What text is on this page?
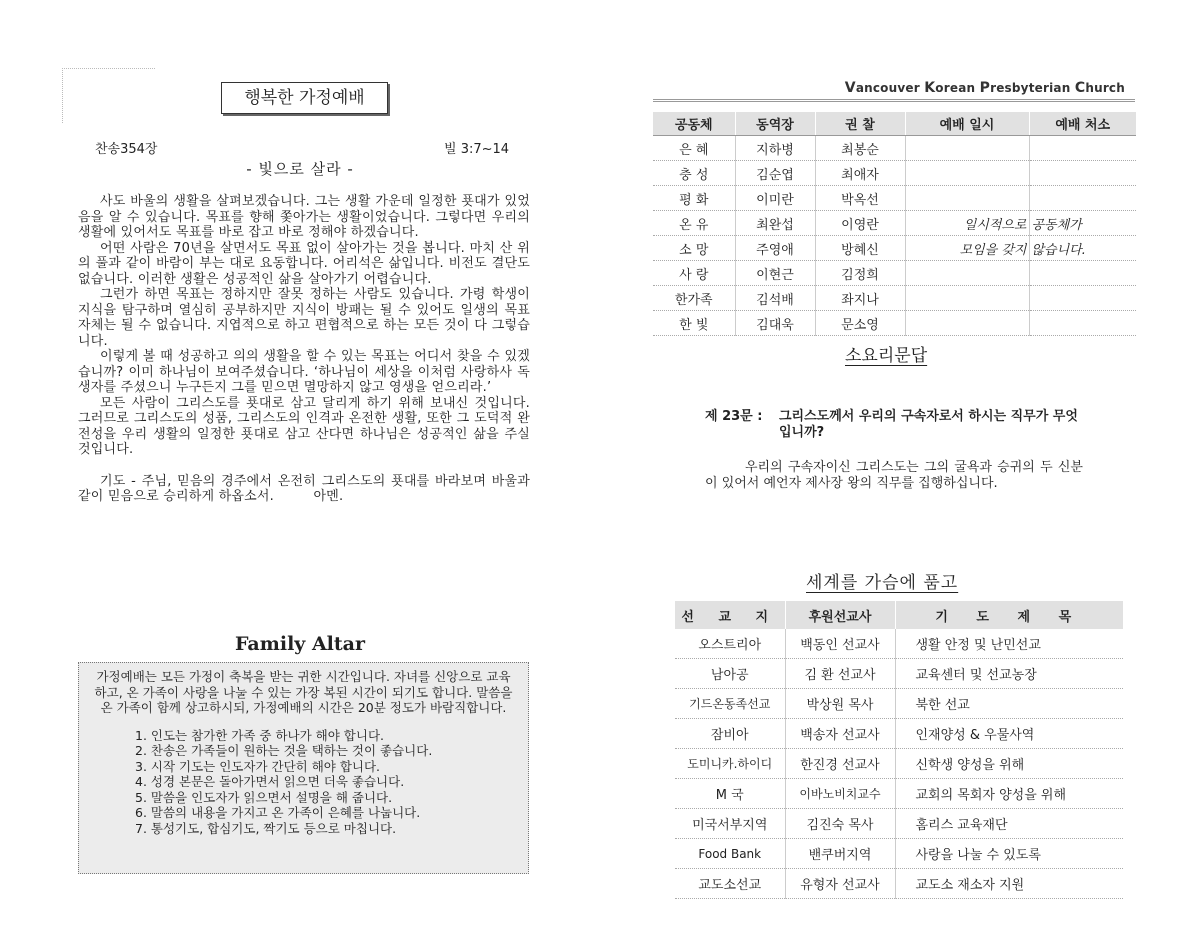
행복한 가정예배
찬송354장	빌 3:7~14
- 빛으로 살라 -

사도 바울의 생활을 살펴보겠습니다. 그는 생활 가운데 일정한 푯대가 있었음을 알 수 있습니다. 목표를 향해 쫓아가는 생활이었습니다. 그렇다면 우리의 생활에 있어서도 목표를 바로 잡고 바로 정해야 하겠습니다.

어떤 사람은 70년을 살면서도 목표 없이 살아가는 것을 봅니다. 마치 산 위의 풀과 같이 바람이 부는 대로 요동합니다. 어리석은 삶입니다. 비전도 결단도 없습니다. 이러한 생활은 성공적인 삶을 살아가기 어렵습니다.

그런가 하면 목표는 정하지만 잘못 정하는 사람도 있습니다. 가령 학생이 지식을 탐구하며 열심히 공부하지만 지식이 방패는 될 수 있어도 일생의 목표 자체는 될 수 없습니다. 지엽적으로 하고 편협적으로 하는 모든 것이 다 그렇습니다.

이렇게 볼 때 성공하고 의의 생활을 할 수 있는 목표는 어디서 찾을 수 있겠습니까? 이미 하나님이 보여주셨습니다. ‘하나님이 세상을 이처럼 사랑하사 독생자를 주셨으니 누구든지 그를 믿으면 멸망하지 않고 영생을 얻으리라.’

모든 사람이 그리스도를 푯대로 삼고 달리게 하기 위해 보내신 것입니다. 그러므로 그리스도의 성품, 그리스도의 인격과 온전한 생활, 또한 그 도덕적 완전성을 우리 생활의 일정한 푯대로 삼고 산다면 하나님은 성공적인 삶을 주실 것입니다.

기도 - 주님, 믿음의 경주에서 온전히 그리스도의 푯대를 바라보며 바울과 같이 믿음으로 승리하게 하옵소서.　　　아멘.

Family Altar

가정예배는 모든 가정이 축복을 받는 귀한 시간입니다. 자녀를 신앙으로 교육 하고, 온 가족이 사랑을 나눌 수 있는 가장 복된 시간이 되기도 합니다. 말씀을 온 가족이 함께 상고하시되, 가정예배의 시간은 20분 정도가 바람직합니다.

1. 인도는 참가한 가족 중 하나가 해야 합니다.
2. 찬송은 가족들이 원하는 것을 택하는 것이 좋습니다.
3. 시작 기도는 인도자가 간단히 해야 합니다.
4. 성경 본문은 돌아가면서 읽으면 더욱 좋습니다.
5. 말씀을 인도자가 읽으면서 설명을 해 줍니다.
6. 말씀의 내용을 가지고 온 가족이 은혜를 나눕니다.
7. 통성기도, 합심기도, 짝기도 등으로 마칩니다.
Vancouver Korean Presbyterian Church
공동체	동역장	권 찰	예배 일시	예배 처소
은 혜	지하병	최봉순		
충 성	김순엽	최애자		
평 화	이미란	박옥선		
온 유	최완섭	이영란	일시적으로	공동체가
소 망	주영애	방혜신	모임을 갖지	않습니다.
사 랑	이현근	김정희		
한가족	김석배	좌지나		
한 빛	김대욱	문소영		
소요리문답
제 23문 : 그리스도께서 우리의 구속자로서 하시는 직무가 무엇입니까?

우리의 구속자이신 그리스도는 그의 굴욕과 승귀의 두 신분이 있어서 예언자 제사장 왕의 직무를 집행하십니다.

세계를 가슴에 품고
선 교 지	후원선교사	기 도 제 목
오스트리아	백동인 선교사	생활 안정 및 난민선교
남아공	김 환 선교사	교육센터 및 선교농장
기드온동족선교	박상원 목사	북한 선교
잠비아	백송자 선교사	인재양성 & 우물사역
도미니카.하이디	한진경 선교사	신학생 양성을 위해
M 국	이바노비치교수	교회의 목회자 양성을 위해
미국서부지역	김진숙 목사	홈리스 교육재단
Food Bank	밴쿠버지역	사랑을 나눌 수 있도록
교도소선교	유형자 선교사	교도소 재소자 지원
